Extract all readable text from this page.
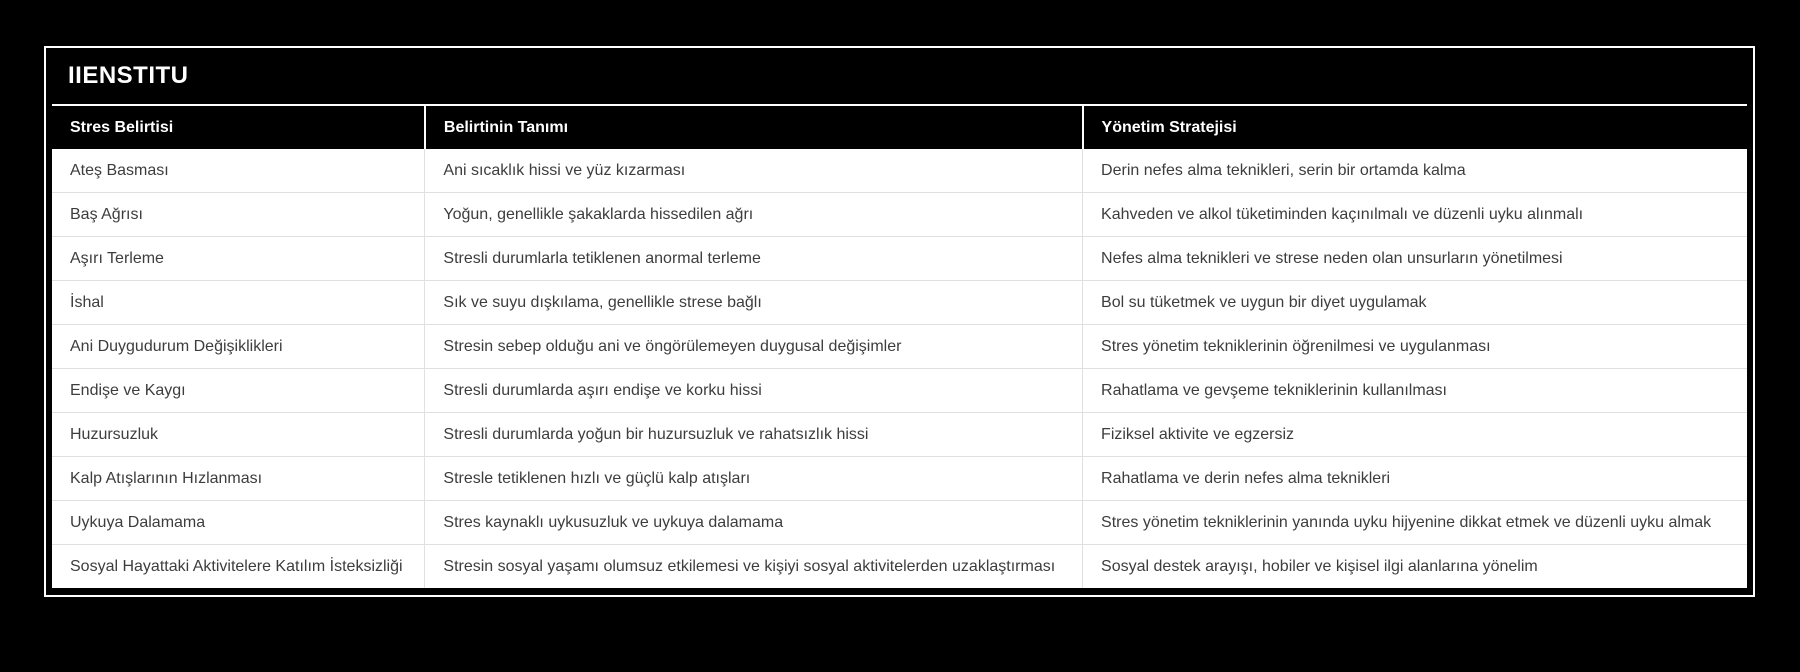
IIENSTITU
Stres Belirtisi	Belirtinin Tanımı	Yönetim Stratejisi
Ateş Basması	Ani sıcaklık hissi ve yüz kızarması	Derin nefes alma teknikleri, serin bir ortamda kalma
Baş Ağrısı	Yoğun, genellikle şakaklarda hissedilen ağrı	Kahveden ve alkol tüketiminden kaçınılmalı ve düzenli uyku alınmalı
Aşırı Terleme	Stresli durumlarla tetiklenen anormal terleme	Nefes alma teknikleri ve strese neden olan unsurların yönetilmesi
İshal	Sık ve suyu dışkılama, genellikle strese bağlı	Bol su tüketmek ve uygun bir diyet uygulamak
Ani Duygudurum Değişiklikleri	Stresin sebep olduğu ani ve öngörülemeyen duygusal değişimler	Stres yönetim tekniklerinin öğrenilmesi ve uygulanması
Endişe ve Kaygı	Stresli durumlarda aşırı endişe ve korku hissi	Rahatlama ve gevşeme tekniklerinin kullanılması
Huzursuzluk	Stresli durumlarda yoğun bir huzursuzluk ve rahatsızlık hissi	Fiziksel aktivite ve egzersiz
Kalp Atışlarının Hızlanması	Stresle tetiklenen hızlı ve güçlü kalp atışları	Rahatlama ve derin nefes alma teknikleri
Uykuya Dalamama	Stres kaynaklı uykusuzluk ve uykuya dalamama	Stres yönetim tekniklerinin yanında uyku hijyenine dikkat etmek ve düzenli uyku almak
Sosyal Hayattaki Aktivitelere Katılım İsteksizliği	Stresin sosyal yaşamı olumsuz etkilemesi ve kişiyi sosyal aktivitelerden uzaklaştırması	Sosyal destek arayışı, hobiler ve kişisel ilgi alanlarına yönelim
